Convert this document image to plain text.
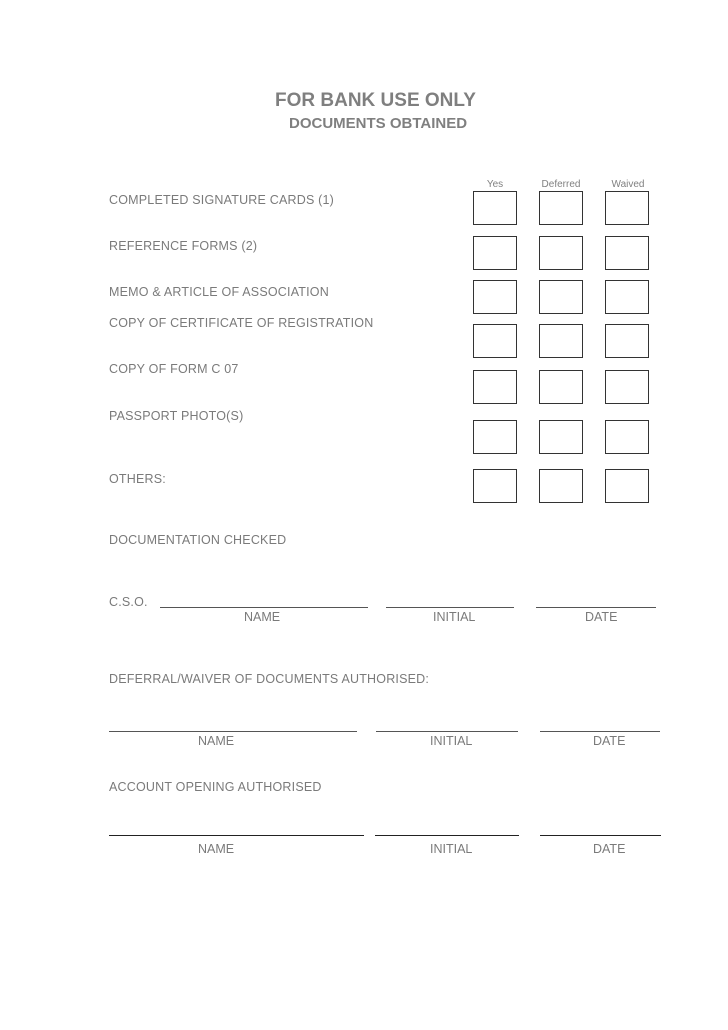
FOR BANK USE ONLY
DOCUMENTS OBTAINED
Yes	Deferred	Waived
COMPLETED SIGNATURE CARDS (1)
REFERENCE FORMS (2)
MEMO & ARTICLE OF ASSOCIATION
COPY OF CERTIFICATE OF REGISTRATION
COPY OF FORM C 07
PASSPORT PHOTO(S)
OTHERS:
DOCUMENTATION CHECKED
C.S.O.
NAME	INITIAL	DATE
DEFERRAL/WAIVER OF DOCUMENTS AUTHORISED:
NAME	INITIAL	DATE
ACCOUNT OPENING AUTHORISED
NAME	INITIAL	DATE
